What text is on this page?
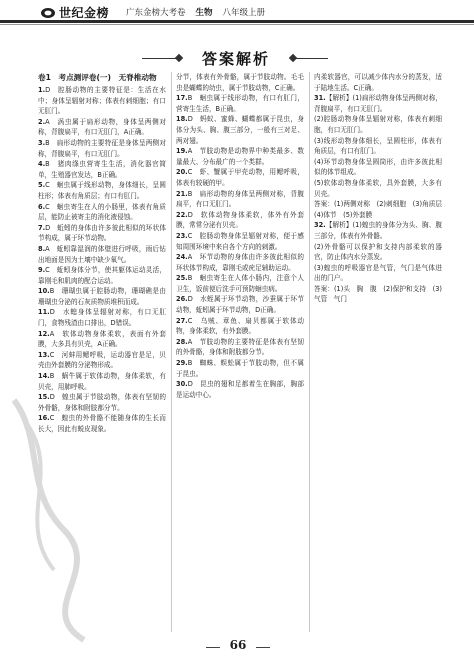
世纪金榜 广东金榜大考卷 生物 八年级上册
答案解析
卷1　考点测评卷(一)　无脊椎动物
1.D　腔肠动物的主要特征是：生活在水中；身体呈辐射对称；体表有刺细胞；有口无肛门。
2.A　涡虫属于扁形动物，身体呈两侧对称，背腹扁平，有口无肛门，A正确。
3.B　扁形动物的主要特征是身体呈两侧对称，背腹扁平，有口无肛门。
4.B　猪肉绦虫营寄生生活，消化器官简单，生殖器官发达，B正确。
5.C　蛔虫属于线形动物，身体细长，呈圆柱形；体表有角质层；有口有肛门。
6.C　蛔虫寄生在人的小肠里，体表有角质层，能防止被寄主的消化液侵蚀。
7.D　蚯蚓的身体由许多彼此相似的环状体节构成，属于环节动物。
8.A　蚯蚓靠湿润的体壁进行呼吸，雨后钻出地面是因为土壤中缺少氧气。
9.C　蚯蚓身体分节，使其躯体运动灵活，靠刚毛和肌肉的配合运动。
10.B　珊瑚虫属于腔肠动物，珊瑚礁是由珊瑚虫分泌的石灰质物质堆积而成。
11.D　水螅身体呈辐射对称，有口无肛门，食物残渣由口排出，D错误。
12.A　软体动物身体柔软，表面有外套膜，大多具有贝壳，A正确。
13.C　河蚌用鳃呼吸，运动器官是足，贝壳由外套膜的分泌物形成。
14.B　蜗牛属于软体动物，身体柔软，有贝壳，用肺呼吸。
15.D　蝗虫属于节肢动物，体表有坚韧的外骨骼，身体和附肢都分节。
16.C　蝗虫的外骨骼不能随身体的生长而长大，因此有蜕皮现象。
分节，体表有外骨骼，属于节肢动物。毛毛虫是蝴蝶的幼虫，属于节肢动物，C正确。
17.B　蛔虫属于线形动物，有口有肛门，营寄生生活，B正确。
18.D　蚂蚁、蜜蜂、蝴蝶都属于昆虫，身体分为头、胸、腹三部分，一般有三对足、两对翅。
19.A　节肢动物是动物界中种类最多、数量最大、分布最广的一个类群。
20.C　虾、蟹属于甲壳动物，用鳃呼吸，体表有较硬的甲。
21.B　扁形动物的身体呈两侧对称，背腹扁平，有口无肛门。
22.D　软体动物身体柔软，体外有外套膜，常常分泌有贝壳。
23.C　腔肠动物身体呈辐射对称，便于感知周围环境中来自各个方向的刺激。
24.A　环节动物的身体由许多彼此相似的环状体节构成，靠刚毛或疣足辅助运动。
25.B　蛔虫寄生在人体小肠内，注意个人卫生，饭前便后洗手可预防蛔虫病。
26.D　水蛭属于环节动物，沙蚕属于环节动物，蚯蚓属于环节动物，D正确。
27.C　乌贼、章鱼、扇贝都属于软体动物，身体柔软，有外套膜。
28.A　节肢动物的主要特征是体表有坚韧的外骨骼，身体和附肢都分节。
29.B　蜘蛛、蜈蚣属于节肢动物，但不属于昆虫。
30.D　昆虫的翅和足都着生在胸部，胸部是运动中心。
内柔软器官，可以减少体内水分的蒸发，适于陆地生活。C正确。
31.【解析】(1)扁形动物身体呈两侧对称，背腹扁平，有口无肛门。
(2)腔肠动物身体呈辐射对称，体表有刺细胞，有口无肛门。
(3)线形动物身体细长，呈圆柱形，体表有角质层，有口有肛门。
(4)环节动物身体呈圆筒形，由许多彼此相似的体节组成。
(5)软体动物身体柔软，具外套膜，大多有贝壳。
答案：(1)两侧对称　(2)刺细胞　(3)角质层　(4)体节　(5)外套膜
32.【解析】(1)蝗虫的身体分为头、胸、腹三部分，体表有外骨骼。
(2)外骨骼可以保护和支持内部柔软的器官，防止体内水分蒸发。
(3)蝗虫的呼吸器官是气管，气门是气体进出的门户。
答案：(1)头　胸　腹　(2)保护和支持　(3)气管　气门
66
